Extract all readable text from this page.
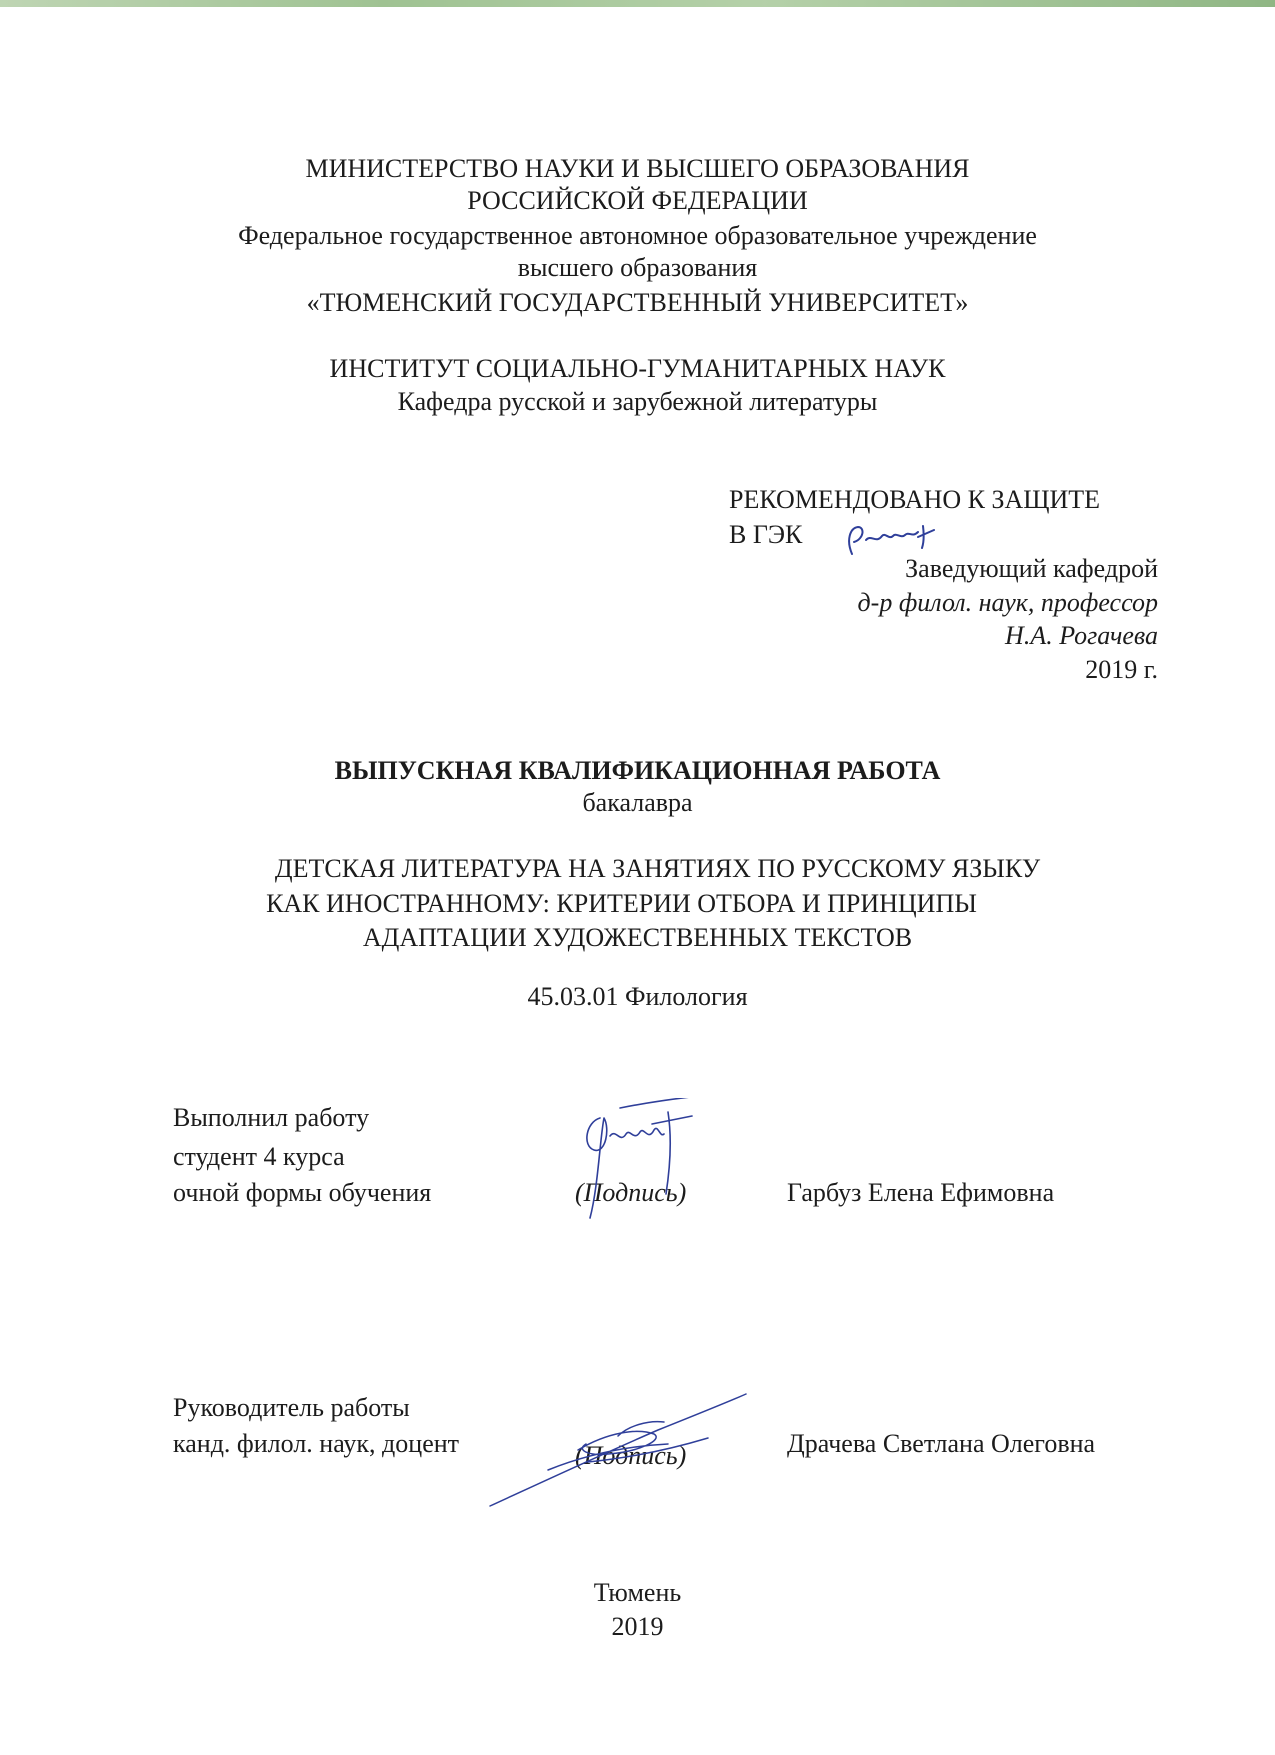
МИНИСТЕРСТВО НАУКИ И ВЫСШЕГО ОБРАЗОВАНИЯ
РОССИЙСКОЙ ФЕДЕРАЦИИ
Федеральное государственное автономное образовательное учреждение
высшего образования
«ТЮМЕНСКИЙ ГОСУДАРСТВЕННЫЙ УНИВЕРСИТЕТ»
ИНСТИТУТ СОЦИАЛЬНО-ГУМАНИТАРНЫХ НАУК
Кафедра русской и зарубежной литературы
РЕКОМЕНДОВАНО К ЗАЩИТЕ
В ГЭК
Заведующий кафедрой
д-р филол. наук, профессор
Н.А. Рогачева
2019 г.
ВЫПУСКНАЯ КВАЛИФИКАЦИОННАЯ РАБОТА
бакалавра
ДЕТСКАЯ ЛИТЕРАТУРА НА ЗАНЯТИЯХ ПО РУССКОМУ ЯЗЫКУ
КАК ИНОСТРАННОМУ: КРИТЕРИИ ОТБОРА И ПРИНЦИПЫ
АДАПТАЦИИ ХУДОЖЕСТВЕННЫХ ТЕКСТОВ
45.03.01 Филология
Выполнил работу
студент 4 курса
очной формы обучения	(Подпись)	Гарбуз Елена Ефимовна
Руководитель работы
канд. филол. наук, доцент	(Подпись)	Драчева Светлана Олеговна
Тюмень
2019
